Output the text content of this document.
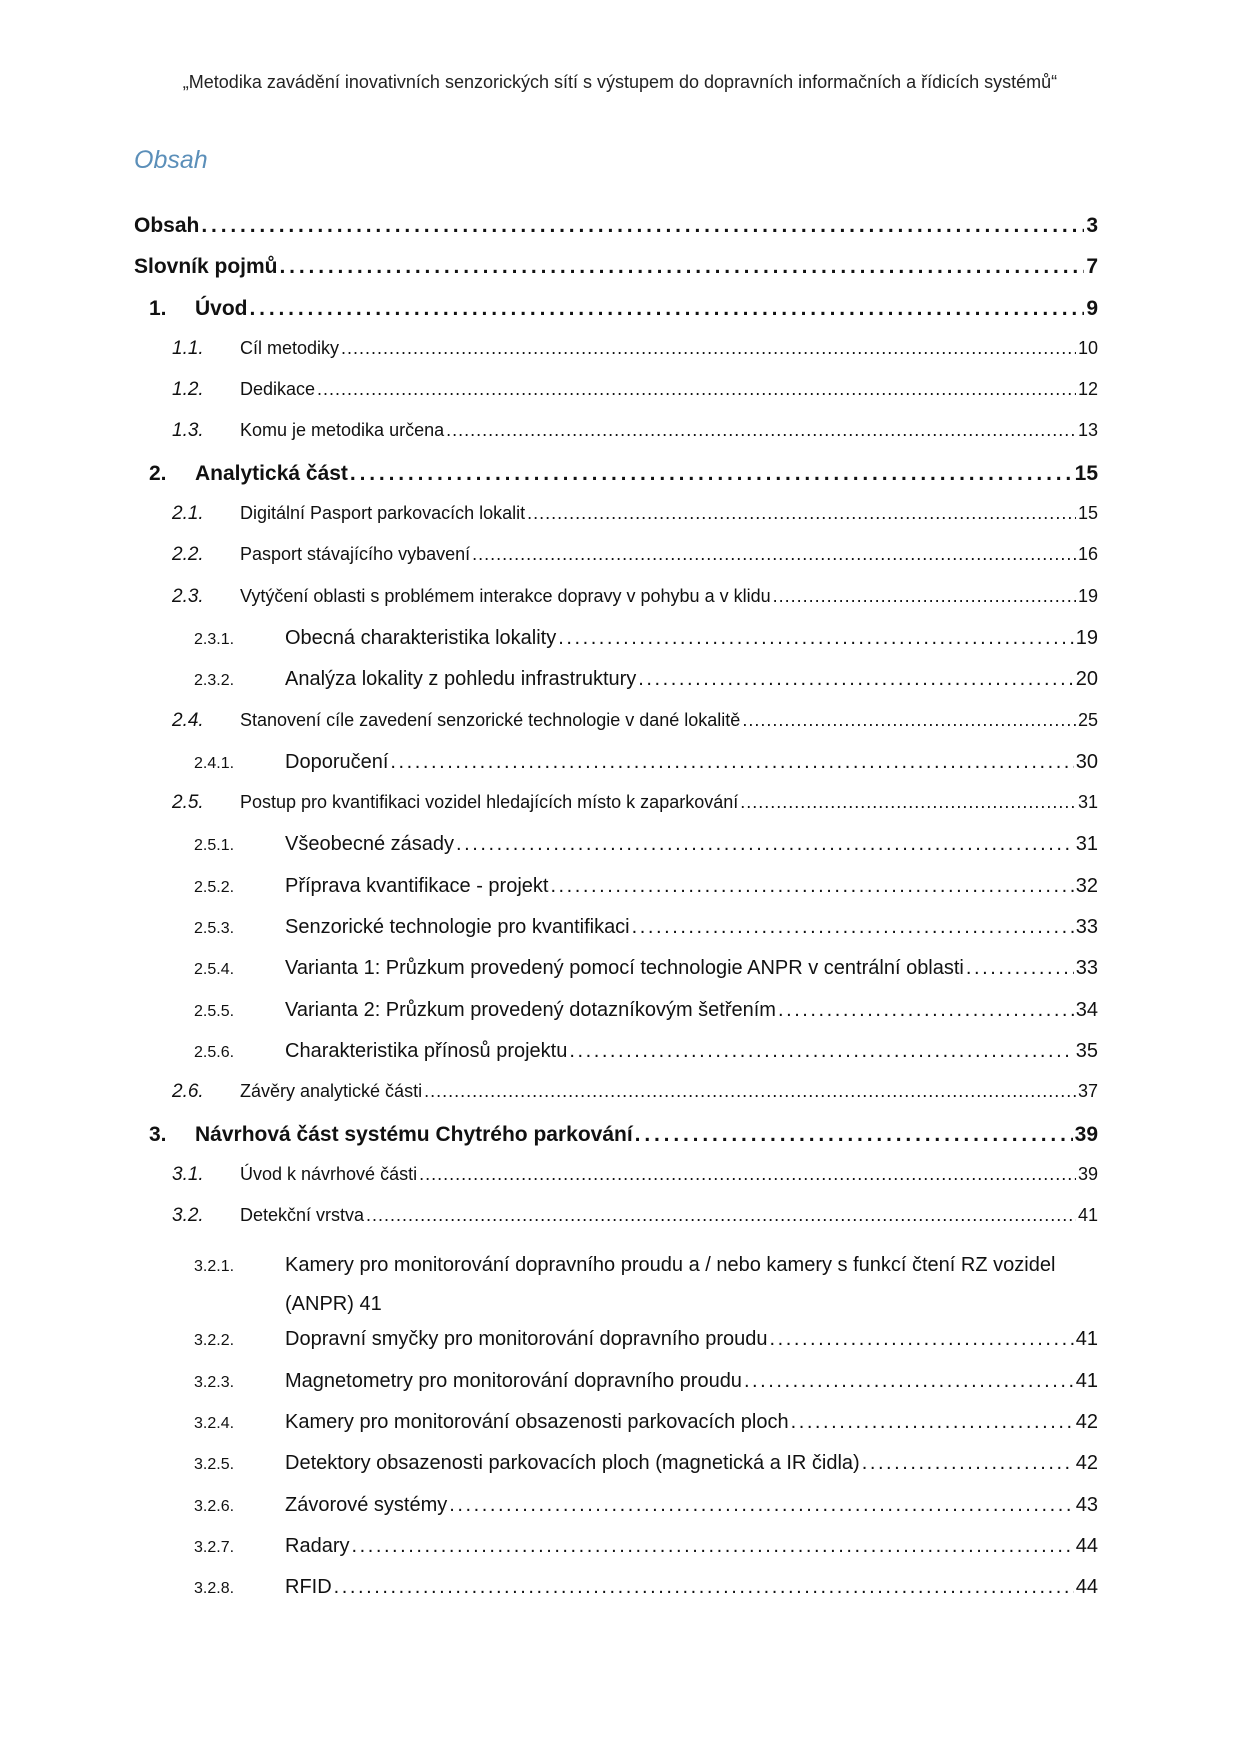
„Metodika zavádění inovativních senzorických sítí s výstupem do dopravních informačních a řídicích systémů“
Obsah
Obsah . . .	3
Slovník pojmů . . .	7
1.	Úvod . . .	9
1.1.	Cíl metodiky . . .	10
1.2.	Dedikace . . .	12
1.3.	Komu je metodika určena . . .	13
2.	Analytická část . . .	15
2.1.	Digitální Pasport parkovacích lokalit . . .	15
2.2.	Pasport stávajícího vybavení . . .	16
2.3.	Vytýčení oblasti s problémem interakce dopravy v pohybu a v klidu . . .	19
2.3.1.	Obecná charakteristika lokality . . .	19
2.3.2.	Analýza lokality z pohledu infrastruktury . . .	20
2.4.	Stanovení cíle zavedení senzorické technologie v dané lokalitě . . .	25
2.4.1.	Doporučení . . .	30
2.5.	Postup pro kvantifikaci vozidel hledajících místo k zaparkování . . .	31
2.5.1.	Všeobecné zásady . . .	31
2.5.2.	Příprava kvantifikace - projekt . . .	32
2.5.3.	Senzorické technologie pro kvantifikaci . . .	33
2.5.4.	Varianta 1: Průzkum provedený pomocí technologie ANPR v centrální oblasti . . .	33
2.5.5.	Varianta 2: Průzkum provedený dotazníkovým šetřením . . .	34
2.5.6.	Charakteristika přínosů projektu . . .	35
2.6.	Závěry analytické části . . .	37
3.	Návrhová část systému Chytrého parkování . . .	39
3.1.	Úvod k návrhové části . . .	39
3.2.	Detekční vrstva . . .	41
3.2.1.	Kamery pro monitorování dopravního proudu a / nebo kamery s funkcí čtení RZ vozidel (ANPR) 41
3.2.2.	Dopravní smyčky pro monitorování dopravního proudu . . .	41
3.2.3.	Magnetometry pro monitorování dopravního proudu . . .	41
3.2.4.	Kamery pro monitorování obsazenosti parkovacích ploch . . .	42
3.2.5.	Detektory obsazenosti parkovacích ploch (magnetická a IR čidla) . . .	42
3.2.6.	Závorové systémy . . .	43
3.2.7.	Radary . . .	44
3.2.8.	RFID . . .	44
